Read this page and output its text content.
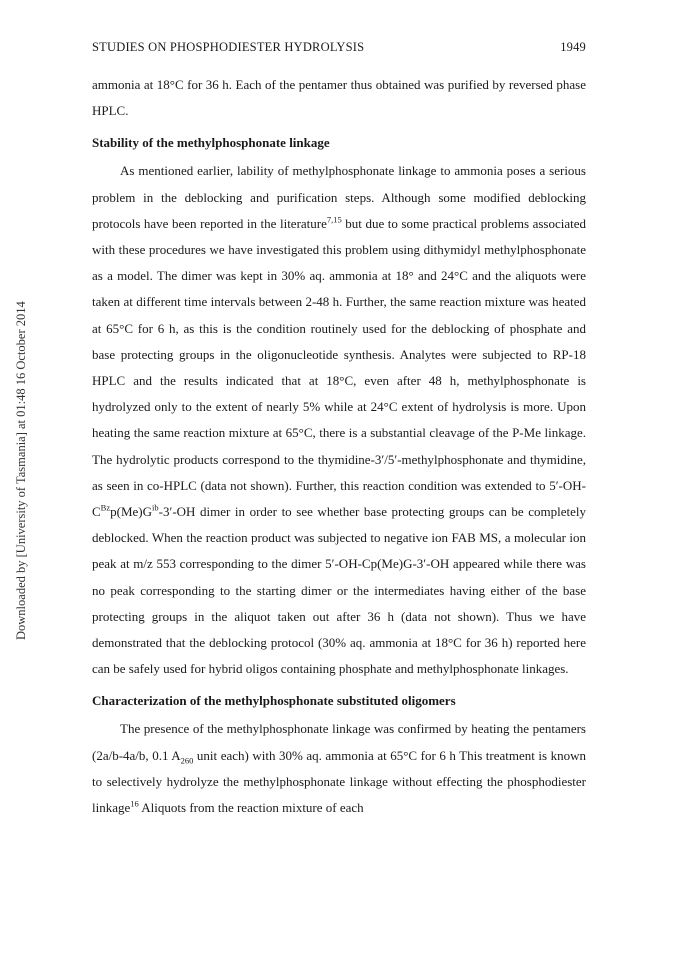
STUDIES ON PHOSPHODIESTER HYDROLYSIS	1949
Downloaded by [University of Tasmania] at 01:48 16 October 2014

ammonia at 18°C for 36 h. Each of the pentamer thus obtained was purified by reversed phase HPLC.

Stability of the methylphosphonate linkage

As mentioned earlier, lability of methylphosphonate linkage to ammonia poses a serious problem in the deblocking and purification steps. Although some modified deblocking protocols have been reported in the literature$^{7,15}$ but due to some practical problems associated with these procedures we have investigated this problem using dithymidyl methylphosphonate as a model. The dimer was kept in 30% aq. ammonia at 18° and 24°C and the aliquots were taken at different time intervals between 2-48 h. Further, the same reaction mixture was heated at 65°C for 6 h, as this is the condition routinely used for the deblocking of phosphate and base protecting groups in the oligonucleotide synthesis. Analytes were subjected to RP-18 HPLC and the results indicated that at 18°C, even after 48 h, methylphosphonate is hydrolyzed only to the extent of nearly 5% while at 24°C extent of hydrolysis is more. Upon heating the same reaction mixture at 65°C, there is a substantial cleavage of the P-Me linkage. The hydrolytic products correspond to the thymidine-3′/5′-methylphosphonate and thymidine, as seen in co-HPLC (data not shown). Further, this reaction condition was extended to $5'-OH-C^{Bz}p(Me)G^{ib}-3'-OH$ dimer in order to see whether base protecting groups can be completely deblocked. When the reaction product was subjected to negative ion FAB MS, a molecular ion peak at m/z 553 corresponding to the dimer 5′-OH-Cp(Me)G-3′-OH appeared while there was no peak corresponding to the starting dimer or the intermediates having either of the base protecting groups in the aliquot taken out after 36 h (data not shown). Thus we have demonstrated that the deblocking protocol (30% aq. ammonia at 18°C for 36 h) reported here can be safely used for hybrid oligos containing phosphate and methylphosphonate linkages.

Characterization of the methylphosphonate substituted oligomers

The presence of the methylphosphonate linkage was confirmed by heating the pentamers (2a/b-4a/b, 0.1 $A_{260}$ unit each) with 30% aq. ammonia at 65°C for 6 h This treatment is known to selectively hydrolyze the methylphosphonate linkage without effecting the phosphodiester linkage$^{16}$ Aliquots from the reaction mixture of each
